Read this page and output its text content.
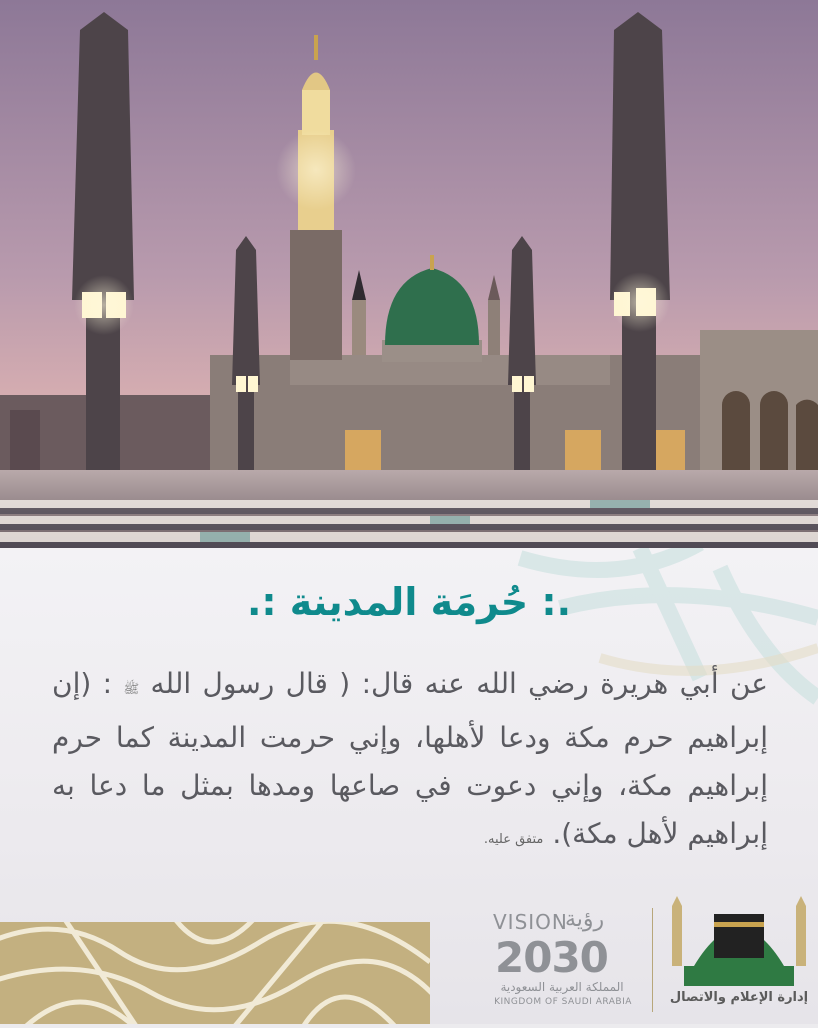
.: حُرمَة المدينة :.
عن أبي هريرة رضي الله عنه قال: ( قال رسول الله ﷺ : (إن إبراهيم حرم مكة ودعا لأهلها، وإني حرمت المدينة كما حرم إبراهيم مكة، وإني دعوت في صاعها ومدها بمثل ما دعا به إبراهيم لأهل مكة). متفق عليه.
VISION
رؤية
2030
المملكة العربية السعودية
KINGDOM OF SAUDI ARABIA	إدارة الإعلام والاتصال
